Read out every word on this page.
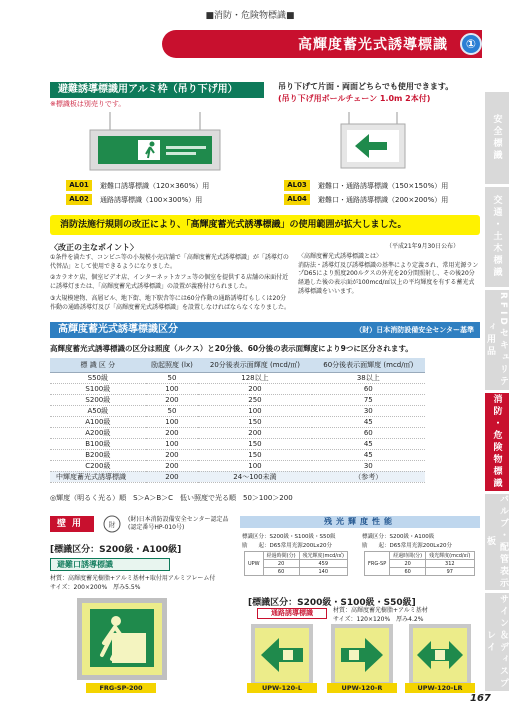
■消防・危険物標識■
高輝度蓄光式誘導標識	①
安全標識
交通・土木標識
RFIDセキュリティ用品
消防・危険物標識
バルブ・配管表示板
サイン＆ディスプレイ
避難誘導標識用アルミ枠（吊り下げ用）
※標識板は別売りです。
吊り下げて片面・両面どちらでも使用できます。
(吊り下げ用ボールチェーン 1.0m 2本付)
AL01	避難口誘導標識（120×360%）用
AL02	通路誘導標識（100×300%）用
AL03	避難口・通路誘導標識（150×150%）用
AL04	避難口・通路誘導標識（200×200%）用
消防法施行規則の改正により、「高輝度蓄光式誘導標識」の使用範囲が拡大しました。
〈改正の主なポイント〉	（平成21年9月30日公布）
①条件を満たす、コンビニ等の小規模小売店舗で「高輝度蓄光式誘導標識」が「誘導灯の代替品」として使用できるようになりました。
②カラオケ店、個室ビデオ店、インターネットカフェ等の個室を提供する店舗の床面付近に誘導灯または、「高輝度蓄光式誘導標識」の設置が義務付けられました。
③大規模建物、高層ビル、地下街、地下駅舎等には60分作動の通路誘導灯もしくは20分作動の通路誘導灯及び「高輝度蓄光式誘導標識」を設置しなければならなくなりました。
〈高輝度蓄光式誘導標識とは〉
消防法・誘導灯及び誘導標識の基準により定義され、常用光源ランプD65により照度200ルクスの外光を20分間照射し、その後20分経過した後の表示面が100mcd/㎡以上の平均輝度を有する蓄光式誘導標識をいいます。
高輝度蓄光式誘導標識区分	（財）日本消防設備安全センター基準
高輝度蓄光式誘導標識の区分は照度（ルクス）と20分後、60分後の表示面輝度により9つに区分されます。
標 識 区 分	励起照度 (lx)	20分後表示面輝度 (mcd/㎡)	60分後表示面輝度 (mcd/㎡)
S50級	50	128以上	38以上
S100級	100	200	60
S200級	200	250	75
A50級	50	100	30
A100級	100	150	45
A200級	200	200	60
B100級	100	150	45
B200級	200	150	45
C200級	200	100	30
中輝度蓄光式誘導標識	200	24〜100未満	（参考）
◎輝度（明るく光る）順　S＞A＞B＞C　低い照度で光る順　50＞100＞200
壁用	財
(財)日本消防設備安全センター認定品
(認定番号HP-010号)
残光輝度性能
標識区分：S200級・S100級・S50級
励　　起：D65常用光源200Lx20分
標識区分：S200級・A100級
励　　起：D65常用光源200Lx20分
UPW	経過時間(分)	残光輝度(mcd/㎡)
	20	459
	60	140
FRG-SP	経過時間(分)	残光輝度(mcd/㎡)
	20	312
	60	97
[標識区分：S200級・A100級]
避難口誘導標識
材質：高輝度蓄光樹脂+アルミ基材+取付用アルミフレーム付
サイズ：200×200%　厚み5.5%
FRG-SP-200
[標識区分：S200級・S100級・S50級]
通路誘導標識	材質：高輝度蓄光樹脂+アルミ基材
サイズ：120×120%　厚み4.2%
UPW-120-L	UPW-120-R	UPW-120-LR
167
